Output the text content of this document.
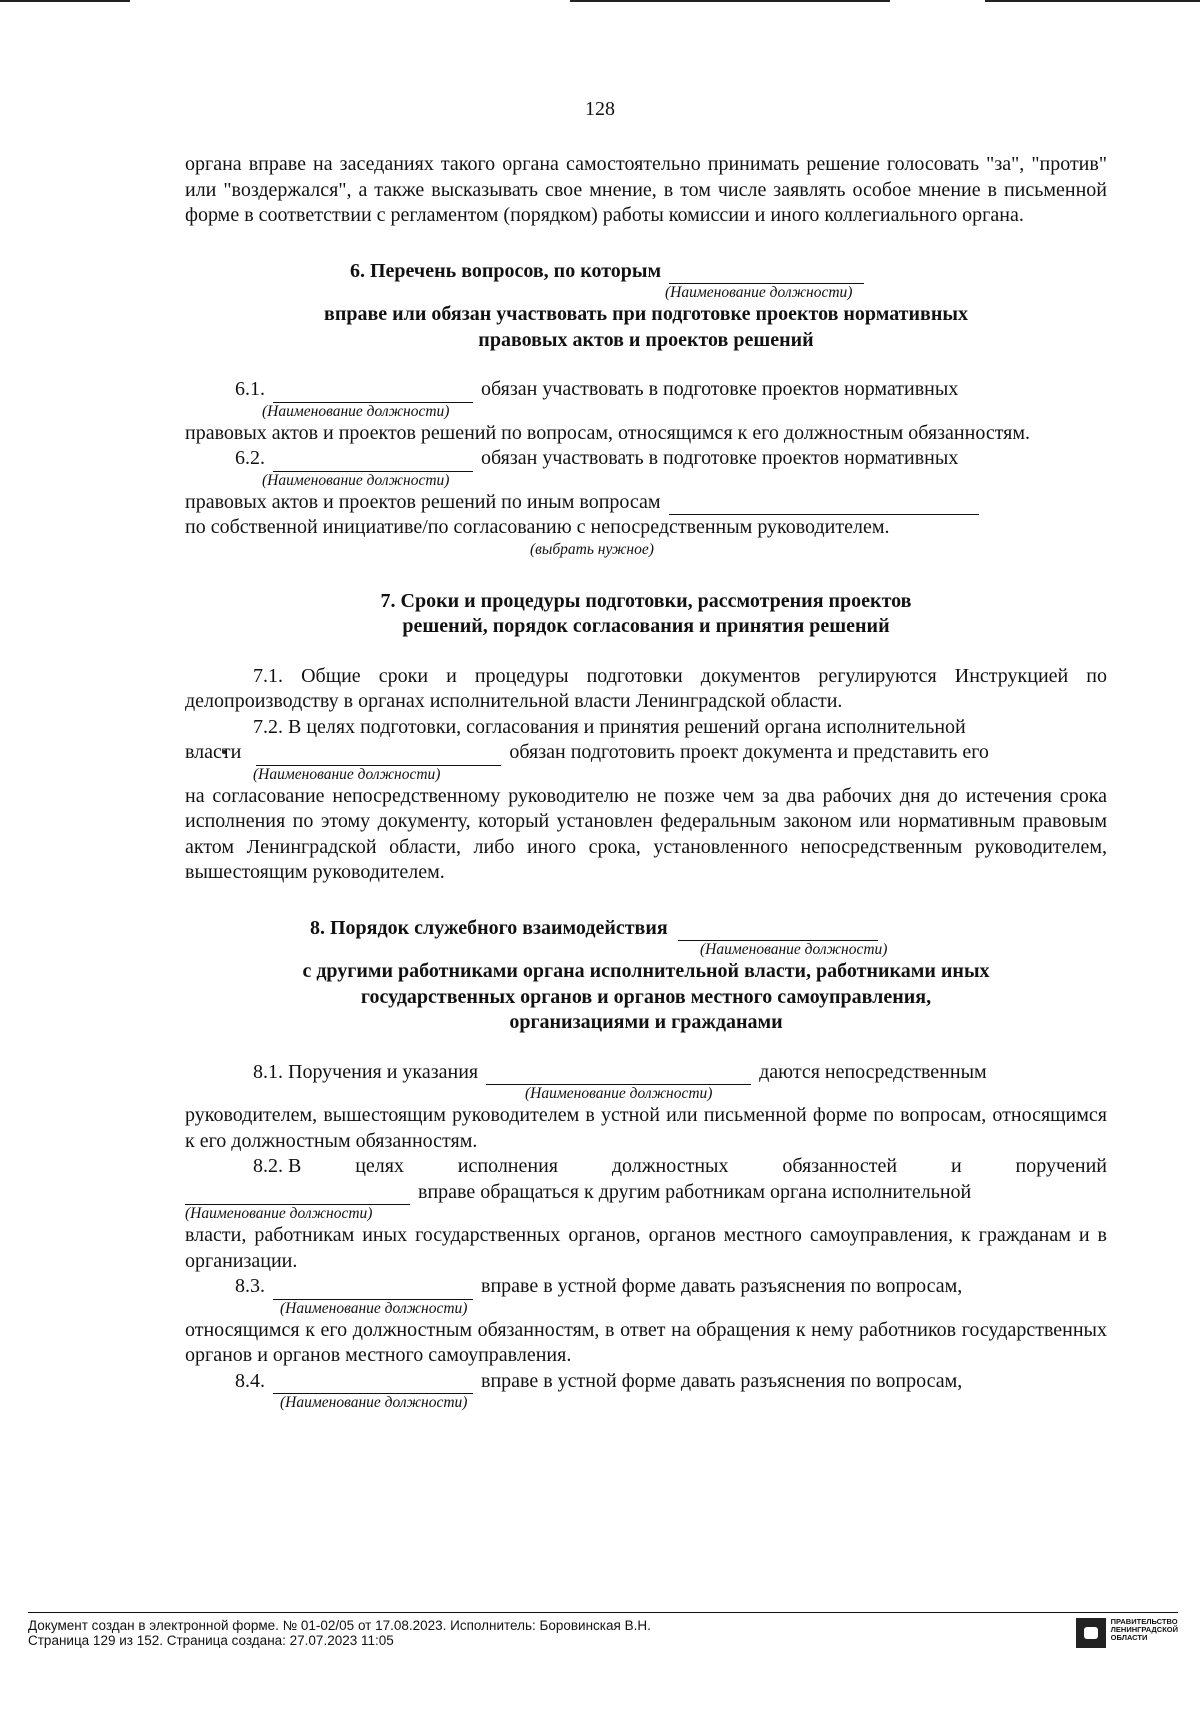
128

органа вправе на заседаниях такого органа самостоятельно принимать решение голосовать "за", "против" или "воздержался", а также высказывать свое мнение, в том числе заявлять особое мнение в письменной форме в соответствии с регламентом (порядком) работы комиссии и иного коллегиального органа.

6. Перечень вопросов, по которым
(Наименование должности)

вправе или обязан участвовать при подготовке проектов нормативных

правовых актов и проектов решений

6.1.	обязан участвовать в подготовке проектов нормативных
(Наименование должности)

правовых актов и проектов решений по вопросам, относящимся к его должностным обязанностям.

6.2.	обязан участвовать в подготовке проектов нормативных
(Наименование должности)
правовых актов и проектов решений по иным вопросам

по собственной инициативе/по согласованию с непосредственным руководителем.

(выбрать нужное)

7. Сроки и процедуры подготовки, рассмотрения проектов

решений, порядок согласования и принятия решений

7.1. Общие сроки и процедуры подготовки документов регулируются Инструкцией по делопроизводству в органах исполнительной власти Ленинградской области.

7.2. В целях подготовки, согласования и принятия решений органа исполнительной

власти	обязан подготовить проект документа и представить его
(Наименование должности)

на согласование непосредственному руководителю не позже чем за два рабочих дня до истечения срока исполнения по этому документу, который установлен федеральным законом или нормативным правовым актом Ленинградской области, либо иного срока, установленного непосредственным руководителем, вышестоящим руководителем.

8. Порядок служебного взаимодействия
(Наименование должности)

с другими работниками органа исполнительной власти, работниками иных

государственных органов и органов местного самоуправления,

организациями и гражданами

8.1. Поручения и указания	даются непосредственным
(Наименование должности)

руководителем, вышестоящим руководителем в устной или письменной форме по вопросам, относящимся к его должностным обязанностям.

8.2. В	целях	исполнения	должностных	обязанностей	и	поручений
вправе обращаться к другим работникам органа исполнительной
(Наименование должности)

власти, работникам иных государственных органов, органов местного самоуправления, к гражданам и в организации.

8.3.	вправе в устной форме давать разъяснения по вопросам,
(Наименование должности)

относящимся к его должностным обязанностям, в ответ на обращения к нему работников государственных органов и органов местного самоуправления.

8.4.	вправе в устной форме давать разъяснения по вопросам,
(Наименование должности)
Документ создан в электронной форме. № 01-02/05 от 17.08.2023. Исполнитель: Боровинская В.Н.
Страница 129 из 152. Страница создана: 27.07.2023 11:05
ПРАВИТЕЛЬСТВО
ЛЕНИНГРАДСКОЙ
ОБЛАСТИ
